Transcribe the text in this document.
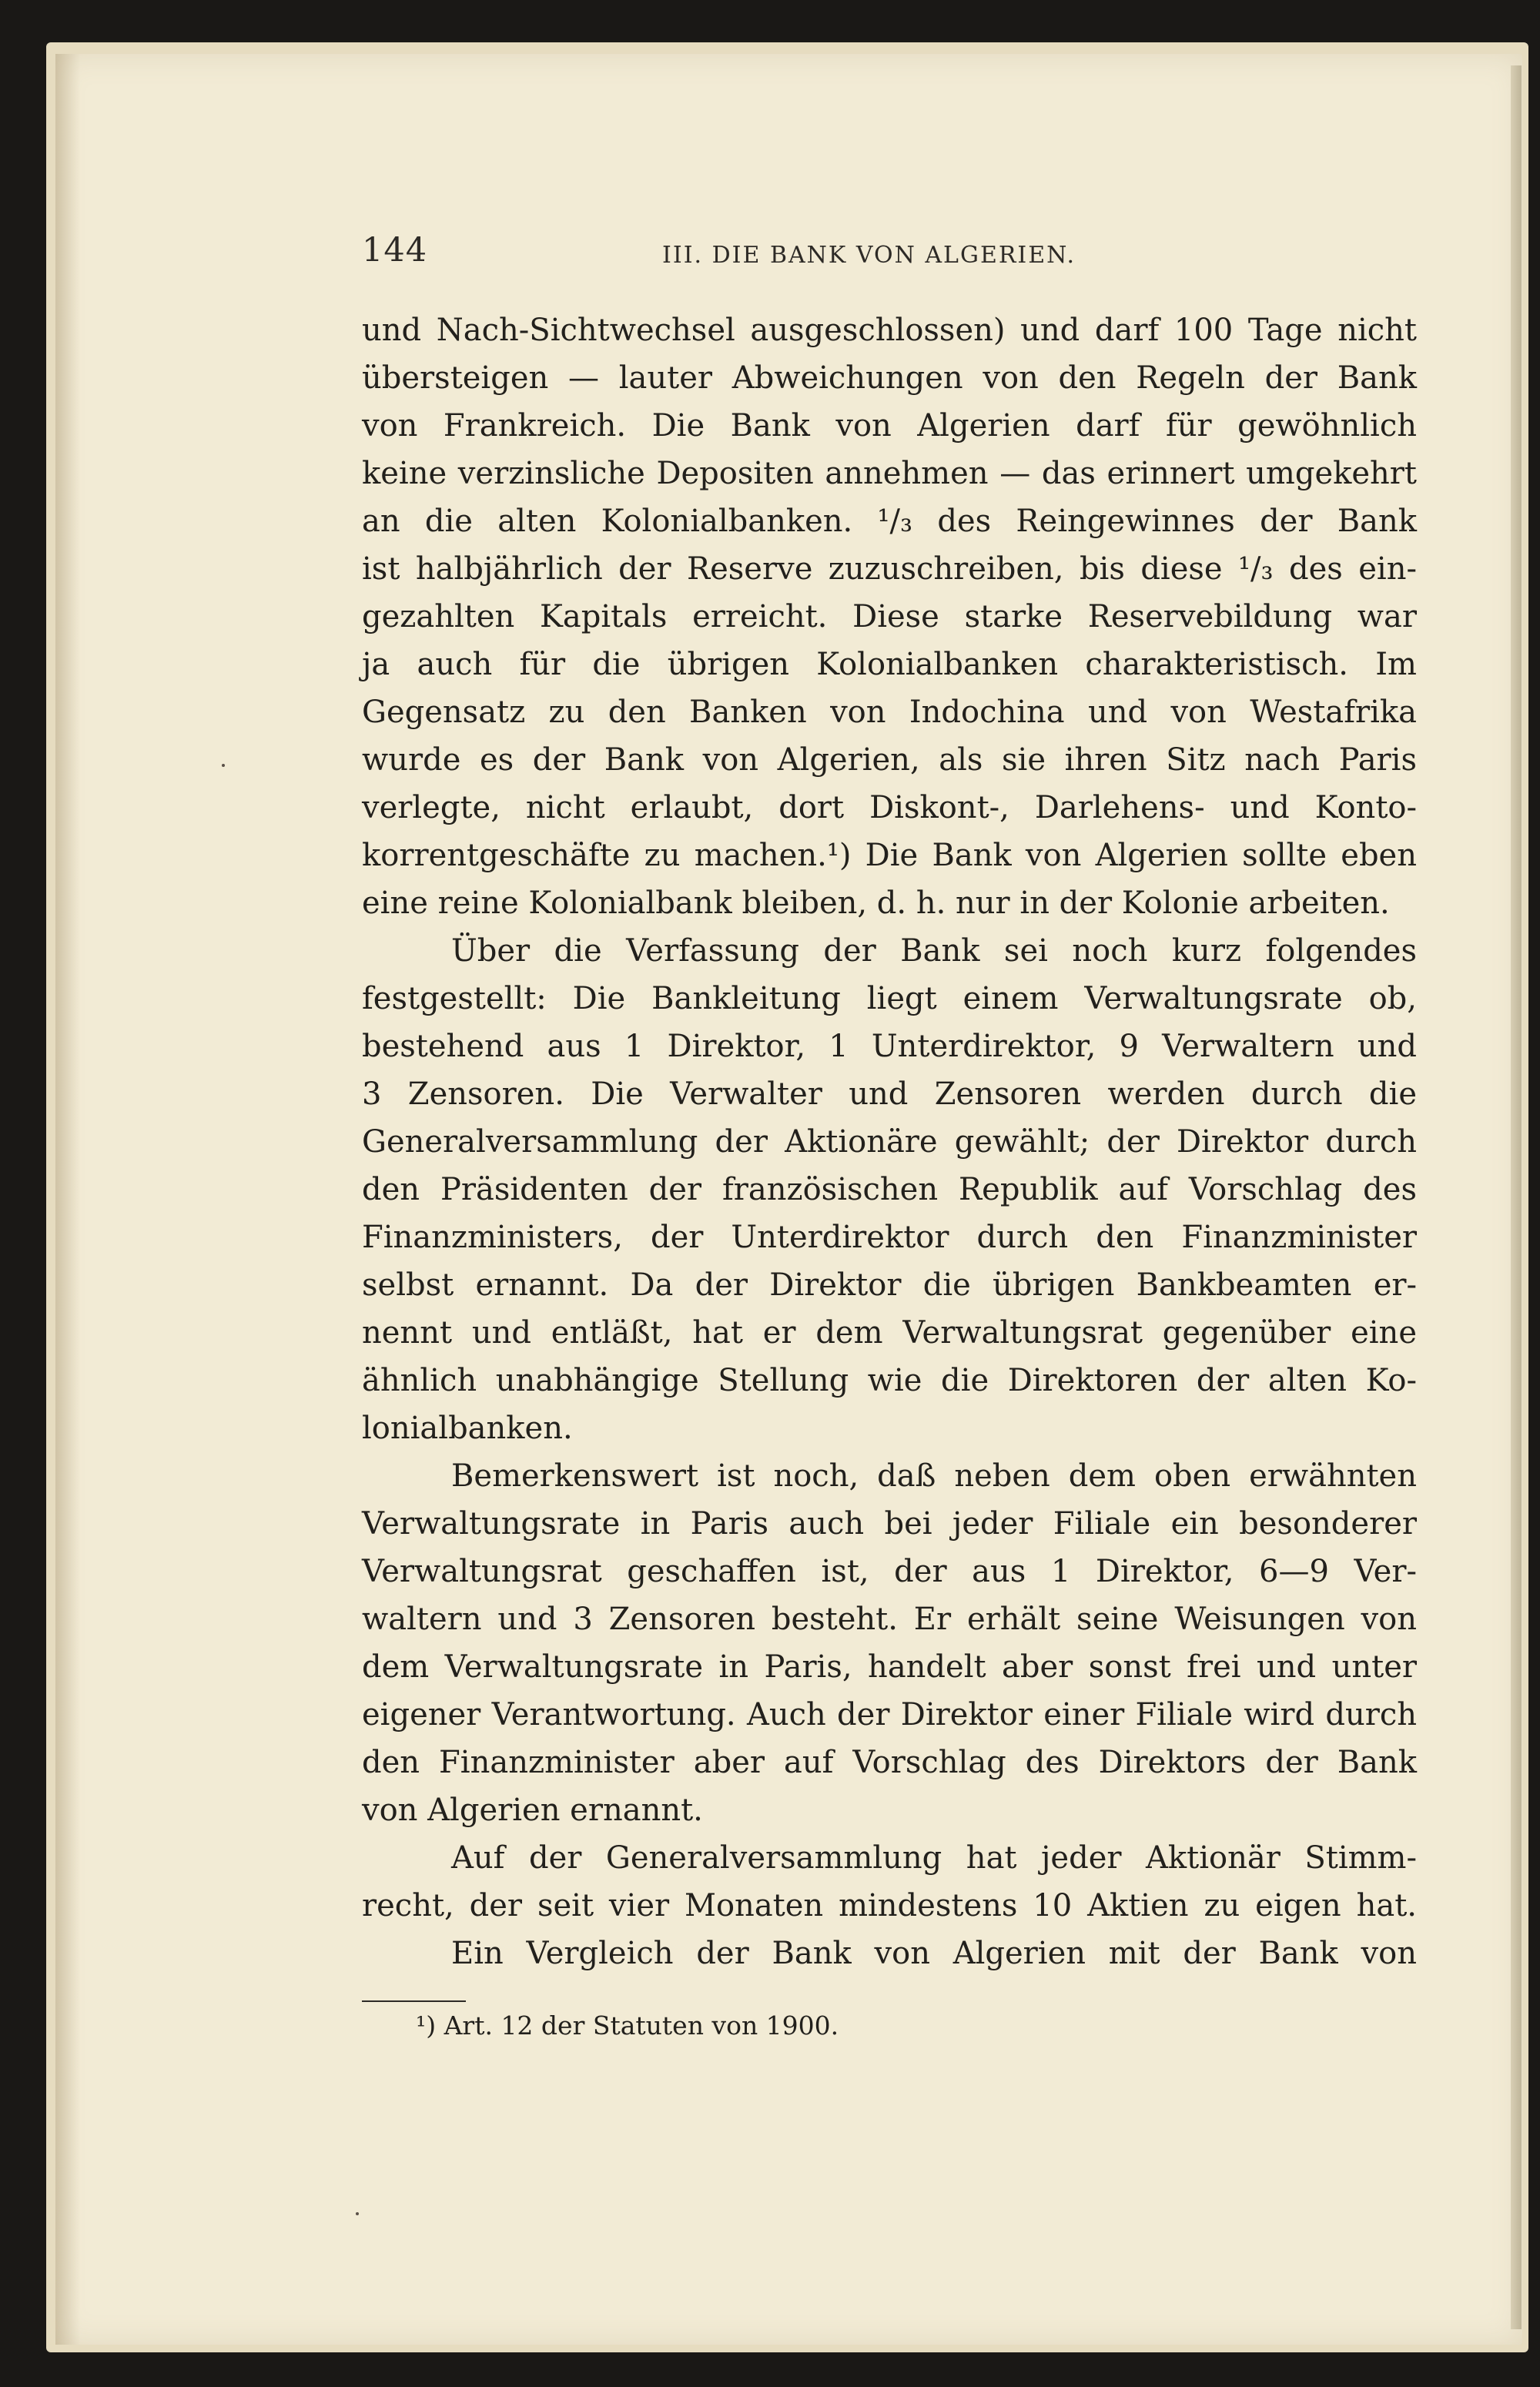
144	III. DIE BANK VON ALGERIEN.
und Nach-Sichtwechsel ausgeschlossen) und darf 100 Tage nicht
übersteigen — lauter Abweichungen von den Regeln der Bank
von Frankreich. Die Bank von Algerien darf für gewöhnlich
keine verzinsliche Depositen annehmen — das erinnert umgekehrt
an die alten Kolonialbanken. ¹/₃ des Reingewinnes der Bank
ist halbjährlich der Reserve zuzuschreiben, bis diese ¹/₃ des ein-
gezahlten Kapitals erreicht. Diese starke Reservebildung war
ja auch für die übrigen Kolonialbanken charakteristisch. Im
Gegensatz zu den Banken von Indochina und von Westafrika
wurde es der Bank von Algerien, als sie ihren Sitz nach Paris
verlegte, nicht erlaubt, dort Diskont-, Darlehens- und Konto-
korrentgeschäfte zu machen.¹) Die Bank von Algerien sollte eben
eine reine Kolonialbank bleiben, d. h. nur in der Kolonie arbeiten.
Über die Verfassung der Bank sei noch kurz folgendes
festgestellt: Die Bankleitung liegt einem Verwaltungsrate ob,
bestehend aus 1 Direktor, 1 Unterdirektor, 9 Verwaltern und
3 Zensoren. Die Verwalter und Zensoren werden durch die
Generalversammlung der Aktionäre gewählt; der Direktor durch
den Präsidenten der französischen Republik auf Vorschlag des
Finanzministers, der Unterdirektor durch den Finanzminister
selbst ernannt. Da der Direktor die übrigen Bankbeamten er-
nennt und entläßt, hat er dem Verwaltungsrat gegenüber eine
ähnlich unabhängige Stellung wie die Direktoren der alten Ko-
lonialbanken.
Bemerkenswert ist noch, daß neben dem oben erwähnten
Verwaltungsrate in Paris auch bei jeder Filiale ein besonderer
Verwaltungsrat geschaffen ist, der aus 1 Direktor, 6—9 Ver-
waltern und 3 Zensoren besteht. Er erhält seine Weisungen von
dem Verwaltungsrate in Paris, handelt aber sonst frei und unter
eigener Verantwortung. Auch der Direktor einer Filiale wird durch
den Finanzminister aber auf Vorschlag des Direktors der Bank
von Algerien ernannt.
Auf der Generalversammlung hat jeder Aktionär Stimm-
recht, der seit vier Monaten mindestens 10 Aktien zu eigen hat.
Ein Vergleich der Bank von Algerien mit der Bank von
¹) Art. 12 der Statuten von 1900.
